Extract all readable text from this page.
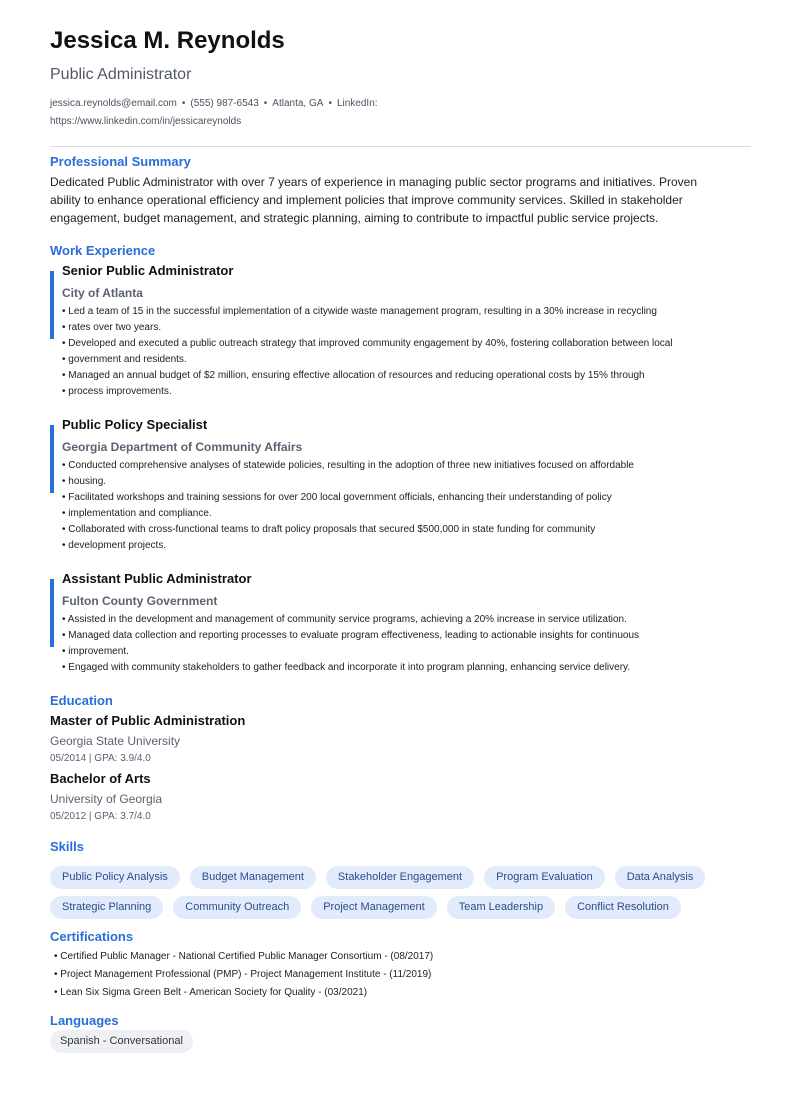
Jessica M. Reynolds
Public Administrator
jessica.reynolds@email.com • (555) 987-6543 • Atlanta, GA • LinkedIn:
https://www.linkedin.com/in/jessicareynolds
Professional Summary
Dedicated Public Administrator with over 7 years of experience in managing public sector programs and initiatives. Proven ability to enhance operational efficiency and implement policies that improve community services. Skilled in stakeholder engagement, budget management, and strategic planning, aiming to contribute to impactful public service projects.
Work Experience
Senior Public Administrator
City of Atlanta
• Led a team of 15 in the successful implementation of a citywide waste management program, resulting in a 30% increase in recycling
• rates over two years.
• Developed and executed a public outreach strategy that improved community engagement by 40%, fostering collaboration between local
• government and residents.
• Managed an annual budget of $2 million, ensuring effective allocation of resources and reducing operational costs by 15% through
• process improvements.
Public Policy Specialist
Georgia Department of Community Affairs
• Conducted comprehensive analyses of statewide policies, resulting in the adoption of three new initiatives focused on affordable
• housing.
• Facilitated workshops and training sessions for over 200 local government officials, enhancing their understanding of policy
• implementation and compliance.
• Collaborated with cross-functional teams to draft policy proposals that secured $500,000 in state funding for community
• development projects.
Assistant Public Administrator
Fulton County Government
• Assisted in the development and management of community service programs, achieving a 20% increase in service utilization.
• Managed data collection and reporting processes to evaluate program effectiveness, leading to actionable insights for continuous
• improvement.
• Engaged with community stakeholders to gather feedback and incorporate it into program planning, enhancing service delivery.
Education
Master of Public Administration
Georgia State University
05/2014 | GPA: 3.9/4.0
Bachelor of Arts
University of Georgia
05/2012 | GPA: 3.7/4.0
Skills
Public Policy Analysis	Budget Management	Stakeholder Engagement	Program Evaluation	Data Analysis
Strategic Planning	Community Outreach	Project Management	Team Leadership	Conflict Resolution
Certifications
• Certified Public Manager - National Certified Public Manager Consortium - (08/2017)
• Project Management Professional (PMP) - Project Management Institute - (11/2019)
• Lean Six Sigma Green Belt - American Society for Quality - (03/2021)
Languages
Spanish - Conversational
